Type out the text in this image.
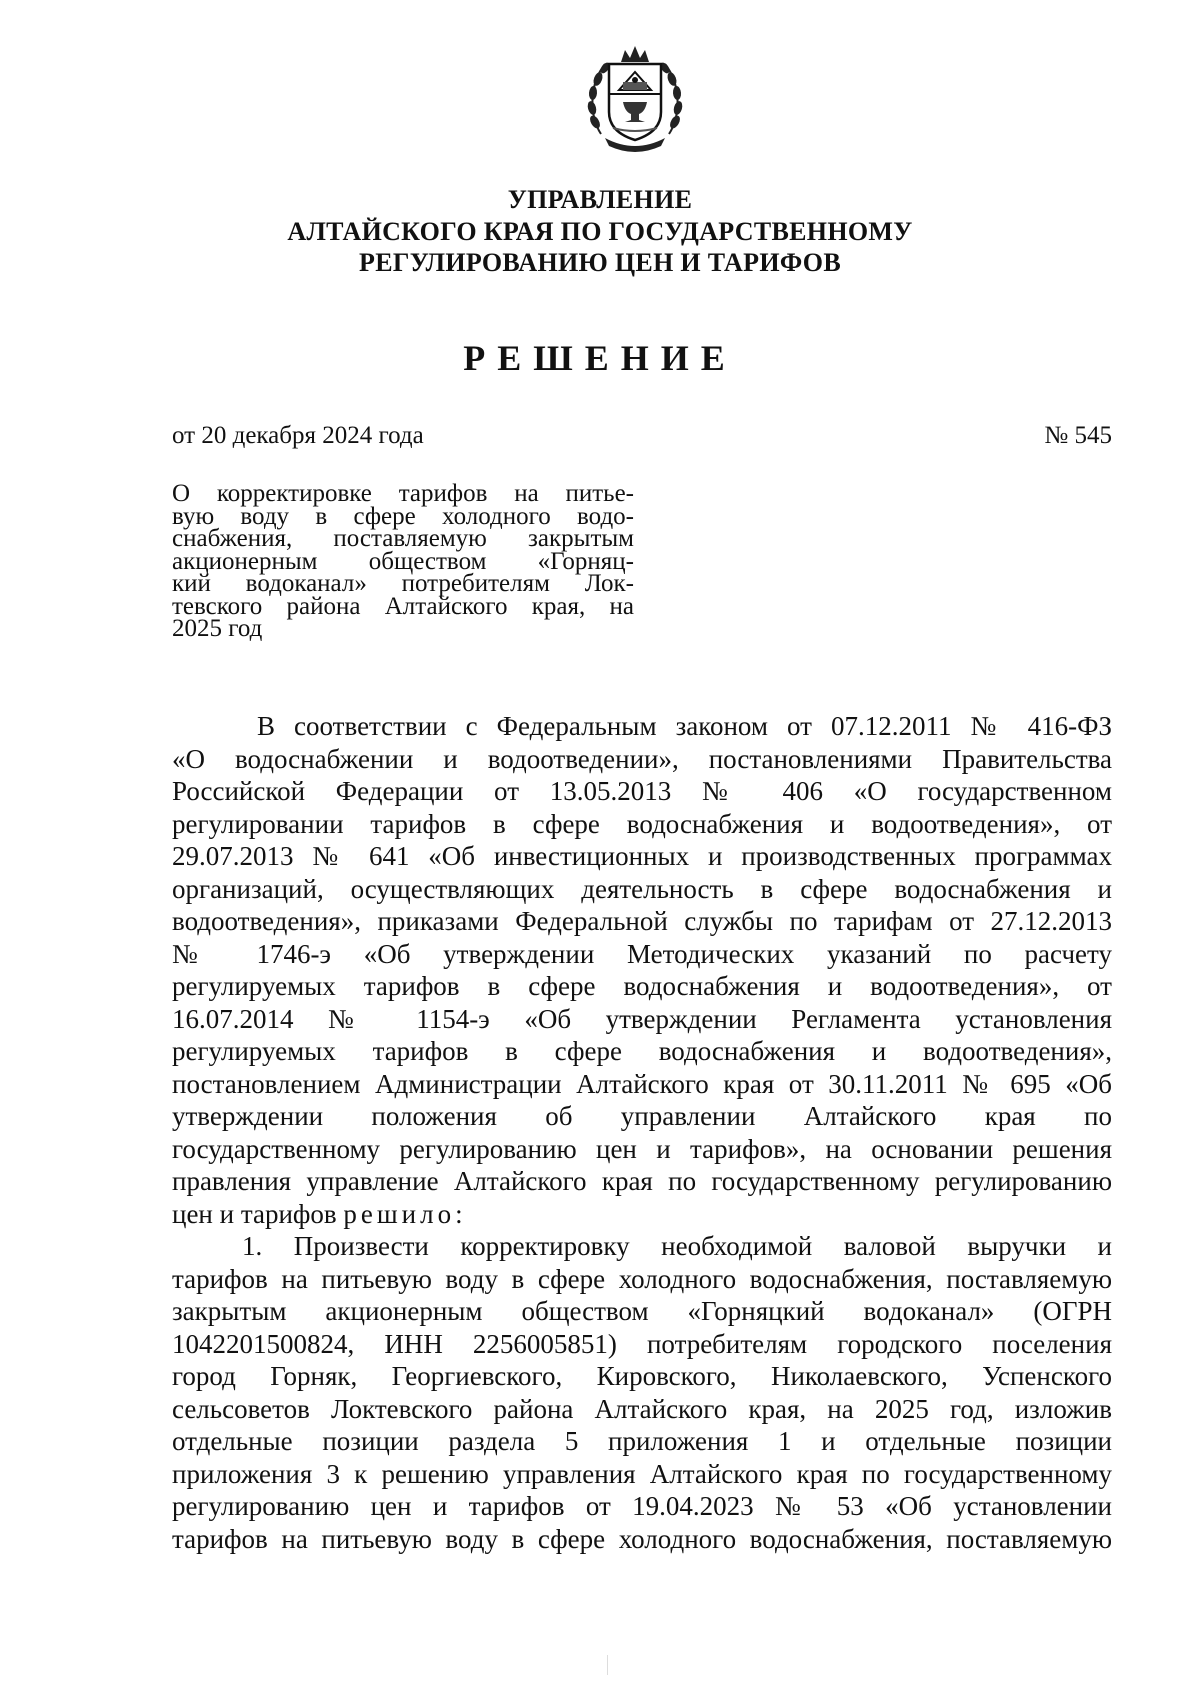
УПРАВЛЕНИЕ
АЛТАЙСКОГО КРАЯ ПО ГОСУДАРСТВЕННОМУ
РЕГУЛИРОВАНИЮ ЦЕН И ТАРИФОВ
РЕШЕНИЕ
от 20 декабря 2024 года	№ 545
О корректировке тарифов на питье-
вую воду в сфере холодного водо-
снабжения, поставляемую закрытым
акционерным обществом «Горняц-
кий водоканал» потребителям Лок-
тевского района Алтайского края, на
2025 год
В соответствии с Федеральным законом от 07.12.2011 № 416-ФЗ
«О водоснабжении и водоотведении», постановлениями Правительства
Российской Федерации от 13.05.2013 № 406 «О государственном
регулировании тарифов в сфере водоснабжения и водоотведения», от
29.07.2013 № 641 «Об инвестиционных и производственных программах
организаций, осуществляющих деятельность в сфере водоснабжения и
водоотведения», приказами Федеральной службы по тарифам от 27.12.2013
№ 1746-э «Об утверждении Методических указаний по расчету
регулируемых тарифов в сфере водоснабжения и водоотведения», от
16.07.2014 № 1154-э «Об утверждении Регламента установления
регулируемых тарифов в сфере водоснабжения и водоотведения»,
постановлением Администрации Алтайского края от 30.11.2011 № 695 «Об
утверждении положения об управлении Алтайского края по
государственному регулированию цен и тарифов», на основании решения
правления управление Алтайского края по государственному регулированию
цен и тарифов решило:
1. Произвести корректировку необходимой валовой выручки и
тарифов на питьевую воду в сфере холодного водоснабжения, поставляемую
закрытым акционерным обществом «Горняцкий водоканал» (ОГРН
1042201500824, ИНН 2256005851) потребителям городского поселения
город Горняк, Георгиевского, Кировского, Николаевского, Успенского
сельсоветов Локтевского района Алтайского края, на 2025 год, изложив
отдельные позиции раздела 5 приложения 1 и отдельные позиции
приложения 3 к решению управления Алтайского края по государственному
регулированию цен и тарифов от 19.04.2023 № 53 «Об установлении
тарифов на питьевую воду в сфере холодного водоснабжения, поставляемую
